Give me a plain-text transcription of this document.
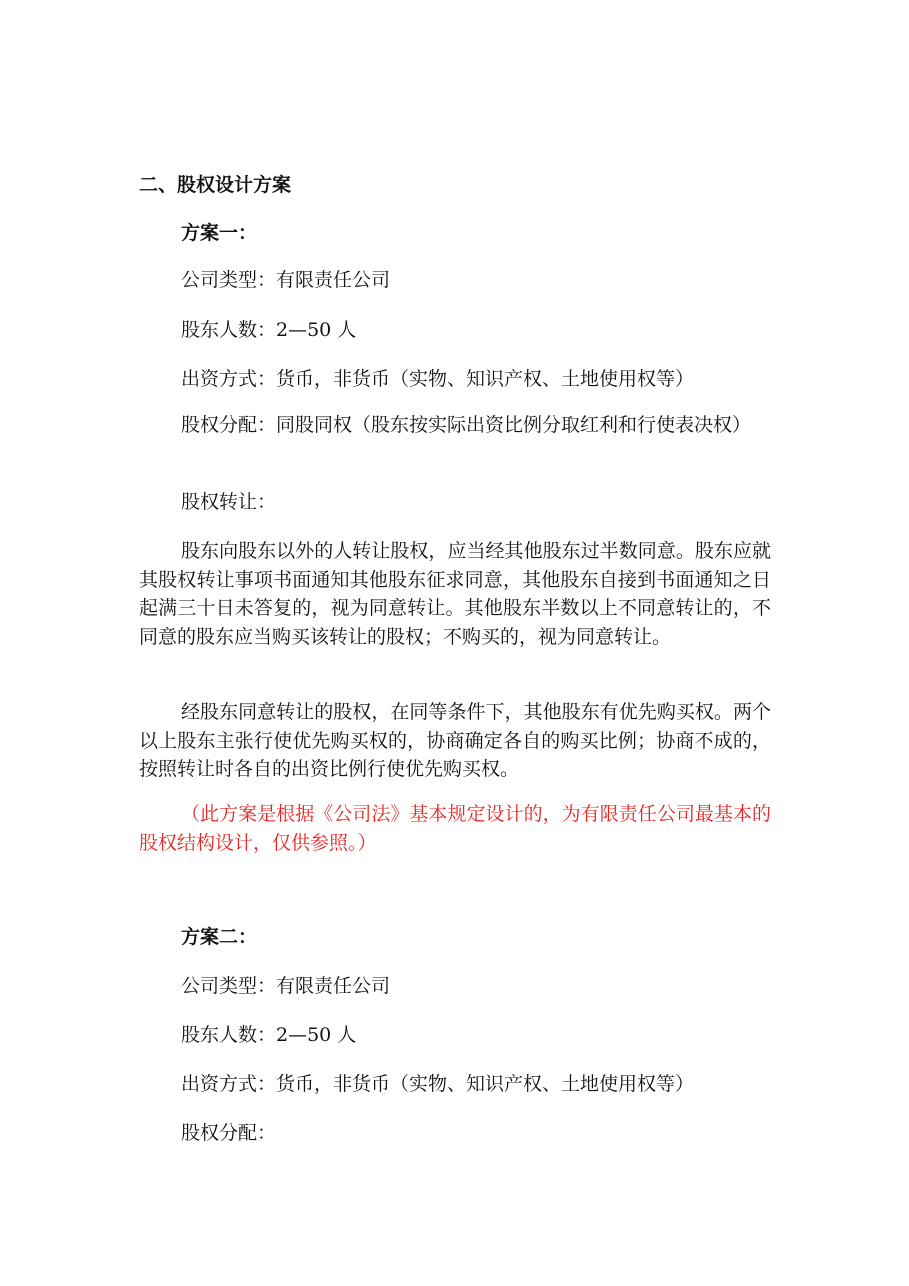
二、股权设计方案
方案一：
公司类型：有限责任公司
股东人数：2—50 人
出资方式：货币，非货币（实物、知识产权、土地使用权等）
股权分配：同股同权（股东按实际出资比例分取红利和行使表决权）
股权转让：
股东向股东以外的人转让股权，应当经其他股东过半数同意。股东应就其股权转让事项书面通知其他股东征求同意，其他股东自接到书面通知之日起满三十日未答复的，视为同意转让。其他股东半数以上不同意转让的，不同意的股东应当购买该转让的股权；不购买的，视为同意转让。
经股东同意转让的股权，在同等条件下，其他股东有优先购买权。两个以上股东主张行使优先购买权的，协商确定各自的购买比例；协商不成的，按照转让时各自的出资比例行使优先购买权。
（此方案是根据《公司法》基本规定设计的，为有限责任公司最基本的股权结构设计，仅供参照。）
方案二：
公司类型：有限责任公司
股东人数：2—50 人
出资方式：货币，非货币（实物、知识产权、土地使用权等）
股权分配：
